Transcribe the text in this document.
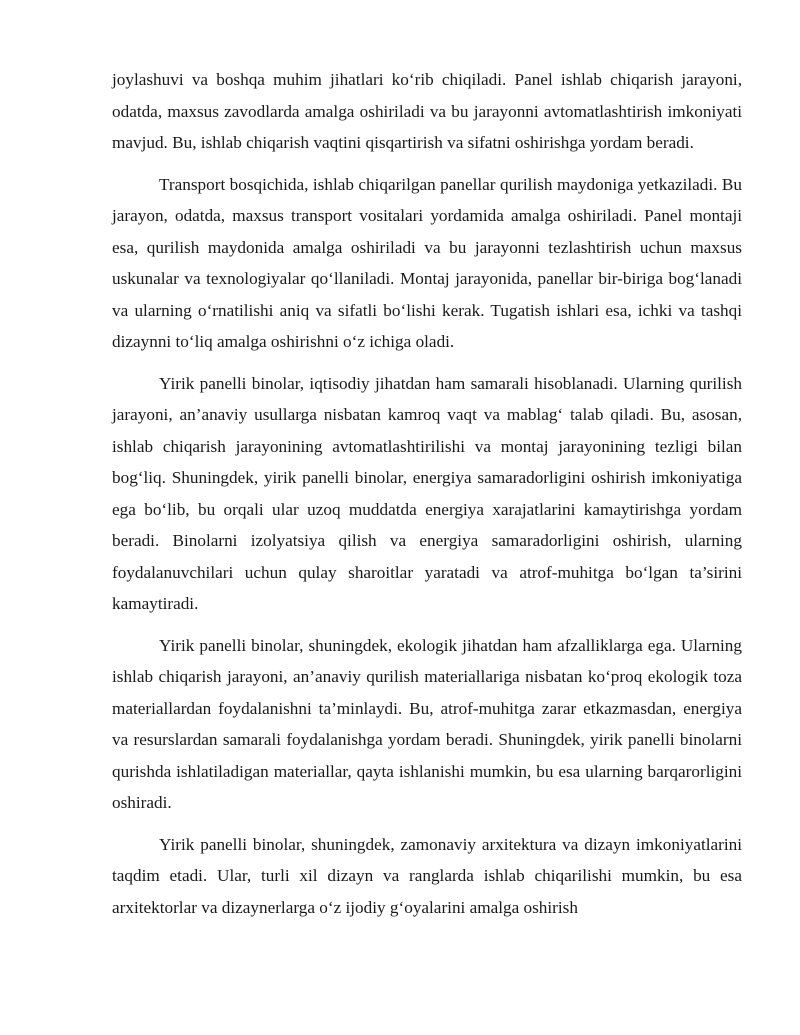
joylashuvi va boshqa muhim jihatlari ko‘rib chiqiladi. Panel ishlab chiqarish jarayoni, odatda, maxsus zavodlarda amalga oshiriladi va bu jarayonni avtomatlashtirish imkoniyati mavjud. Bu, ishlab chiqarish vaqtini qisqartirish va sifatni oshirishga yordam beradi.

Transport bosqichida, ishlab chiqarilgan panellar qurilish maydoniga yetkaziladi. Bu jarayon, odatda, maxsus transport vositalari yordamida amalga oshiriladi. Panel montaji esa, qurilish maydonida amalga oshiriladi va bu jarayonni tezlashtirish uchun maxsus uskunalar va texnologiyalar qo‘llaniladi. Montaj jarayonida, panellar bir-biriga bog‘lanadi va ularning o‘rnatilishi aniq va sifatli bo‘lishi kerak. Tugatish ishlari esa, ichki va tashqi dizaynni to‘liq amalga oshirishni o‘z ichiga oladi.

Yirik panelli binolar, iqtisodiy jihatdan ham samarali hisoblanadi. Ularning qurilish jarayoni, an’anaviy usullarga nisbatan kamroq vaqt va mablag‘ talab qiladi. Bu, asosan, ishlab chiqarish jarayonining avtomatlashtirilishi va montaj jarayonining tezligi bilan bog‘liq. Shuningdek, yirik panelli binolar, energiya samaradorligini oshirish imkoniyatiga ega bo‘lib, bu orqali ular uzoq muddatda energiya xarajatlarini kamaytirishga yordam beradi. Binolarni izolyatsiya qilish va energiya samaradorligini oshirish, ularning foydalanuvchilari uchun qulay sharoitlar yaratadi va atrof-muhitga bo‘lgan ta’sirini kamaytiradi.

Yirik panelli binolar, shuningdek, ekologik jihatdan ham afzalliklarga ega. Ularning ishlab chiqarish jarayoni, an’anaviy qurilish materiallariga nisbatan ko‘proq ekologik toza materiallardan foydalanishni ta’minlaydi. Bu, atrof-muhitga zarar etkazmasdan, energiya va resurslardan samarali foydalanishga yordam beradi. Shuningdek, yirik panelli binolarni qurishda ishlatiladigan materiallar, qayta ishlanishi mumkin, bu esa ularning barqarorligini oshiradi.

Yirik panelli binolar, shuningdek, zamonaviy arxitektura va dizayn imkoniyatlarini taqdim etadi. Ular, turli xil dizayn va ranglarda ishlab chiqarilishi mumkin, bu esa arxitektorlar va dizaynerlarga o‘z ijodiy g‘oyalarini amalga oshirish
